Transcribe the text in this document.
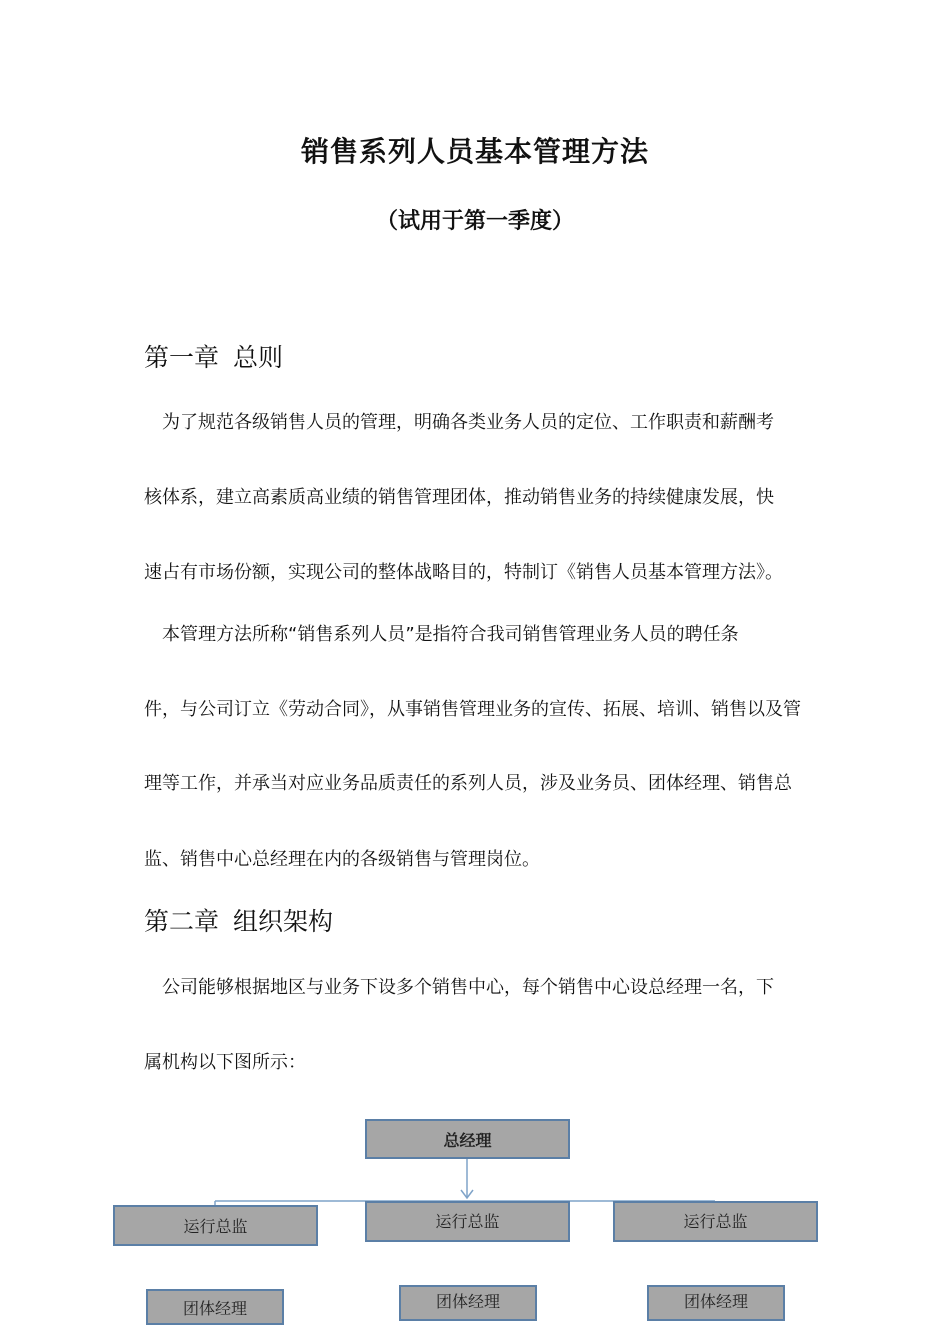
销售系列人员基本管理方法
（试用于第一季度）
第一章 总则
为了规范各级销售人员的管理，明确各类业务人员的定位、工作职责和薪酬考
核体系，建立高素质高业绩的销售管理团体，推动销售业务的持续健康发展，快
速占有市场份额，实现公司的整体战略目的，特制订《销售人员基本管理方法》。
本管理方法所称“销售系列人员”是指符合我司销售管理业务人员的聘任条
件，与公司订立《劳动合同》，从事销售管理业务的宣传、拓展、培训、销售以及管
理等工作，并承当对应业务品质责任的系列人员，涉及业务员、团体经理、销售总
监、销售中心总经理在内的各级销售与管理岗位。
第二章 组织架构
公司能够根据地区与业务下设多个销售中心，每个销售中心设总经理一名，下
属机构以下图所示：
总经理
运行总监	运行总监	运行总监
团体经理	团体经理	团体经理
